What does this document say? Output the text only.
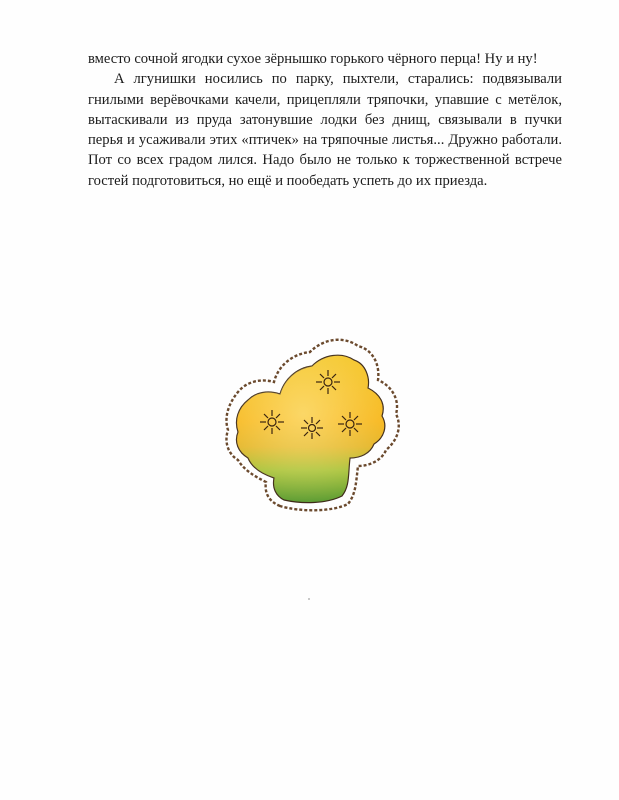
вместо сочной ягодки сухое зёрнышко горького чёрного перца! Ну и ну!

А лгунишки носились по парку, пыхтели, старались: подвязывали гнилыми верёвочками качели, прицепляли тряпочки, упавшие с метёлок, вытаскивали из пруда затонувшие лодки без днищ, связывали в пучки перья и усаживали этих «птичек» на тряпочные листья... Дружно работали. Пот со всех градом лился. Надо было не только к торжественной встрече гостей подготовиться, но ещё и пообедать успеть до их приезда.
